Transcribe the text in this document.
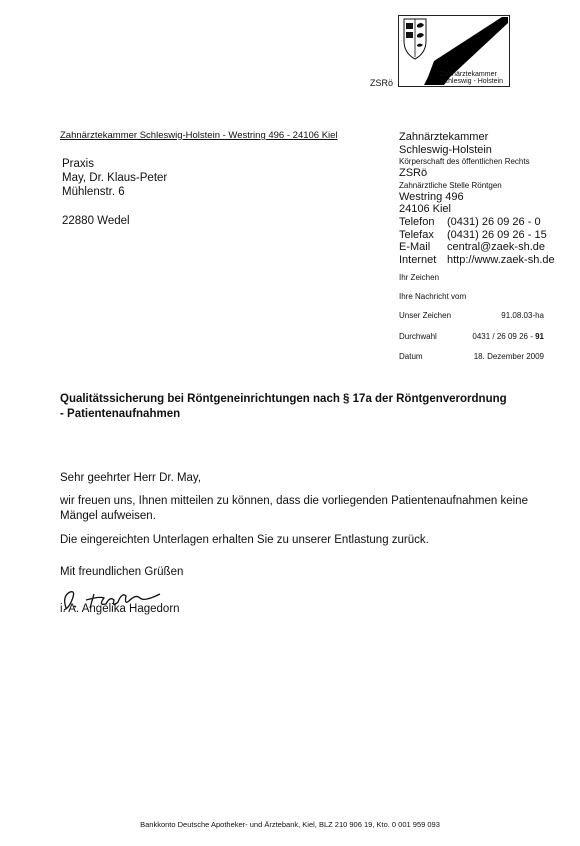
Zahnärztekammer
Schleswig - Holstein
ZSRö
Zahnärztekammer Schleswig-Holstein - Westring 496 - 24106 Kiel
Praxis
May, Dr. Klaus-Peter
Mühlenstr. 6
22880 Wedel
Zahnärztekammer
Schleswig-Holstein
Körperschaft des öffentlichen Rechts
ZSRö
Zahnärztliche Stelle Röntgen
Westring 496
24106 Kiel
Telefon	(0431) 26 09 26 - 0
Telefax	(0431) 26 09 26 - 15
E-Mail	central@zaek-sh.de
Internet http://www.zaek-sh.de
Ihr Zeichen
Ihre Nachricht vom
Unser Zeichen	91.08.03-ha
Durchwahl	0431 / 26 09 26 - 91
Datum	18. Dezember 2009
Qualitätssicherung bei Röntgeneinrichtungen nach § 17a der Röntgenverordnung
- Patientenaufnahmen
Sehr geehrter Herr Dr. May,
wir freuen uns, Ihnen mitteilen zu können, dass die vorliegenden Patientenaufnahmen keine Mängel aufweisen.
Die eingereichten Unterlagen erhalten Sie zu unserer Entlastung zurück.
Mit freundlichen Grüßen
i. A. Angelika Hagedorn
Bankkonto Deutsche Apotheker- und Ärztebank, Kiel, BLZ 210 906 19, Kto. 0 001 959 093
